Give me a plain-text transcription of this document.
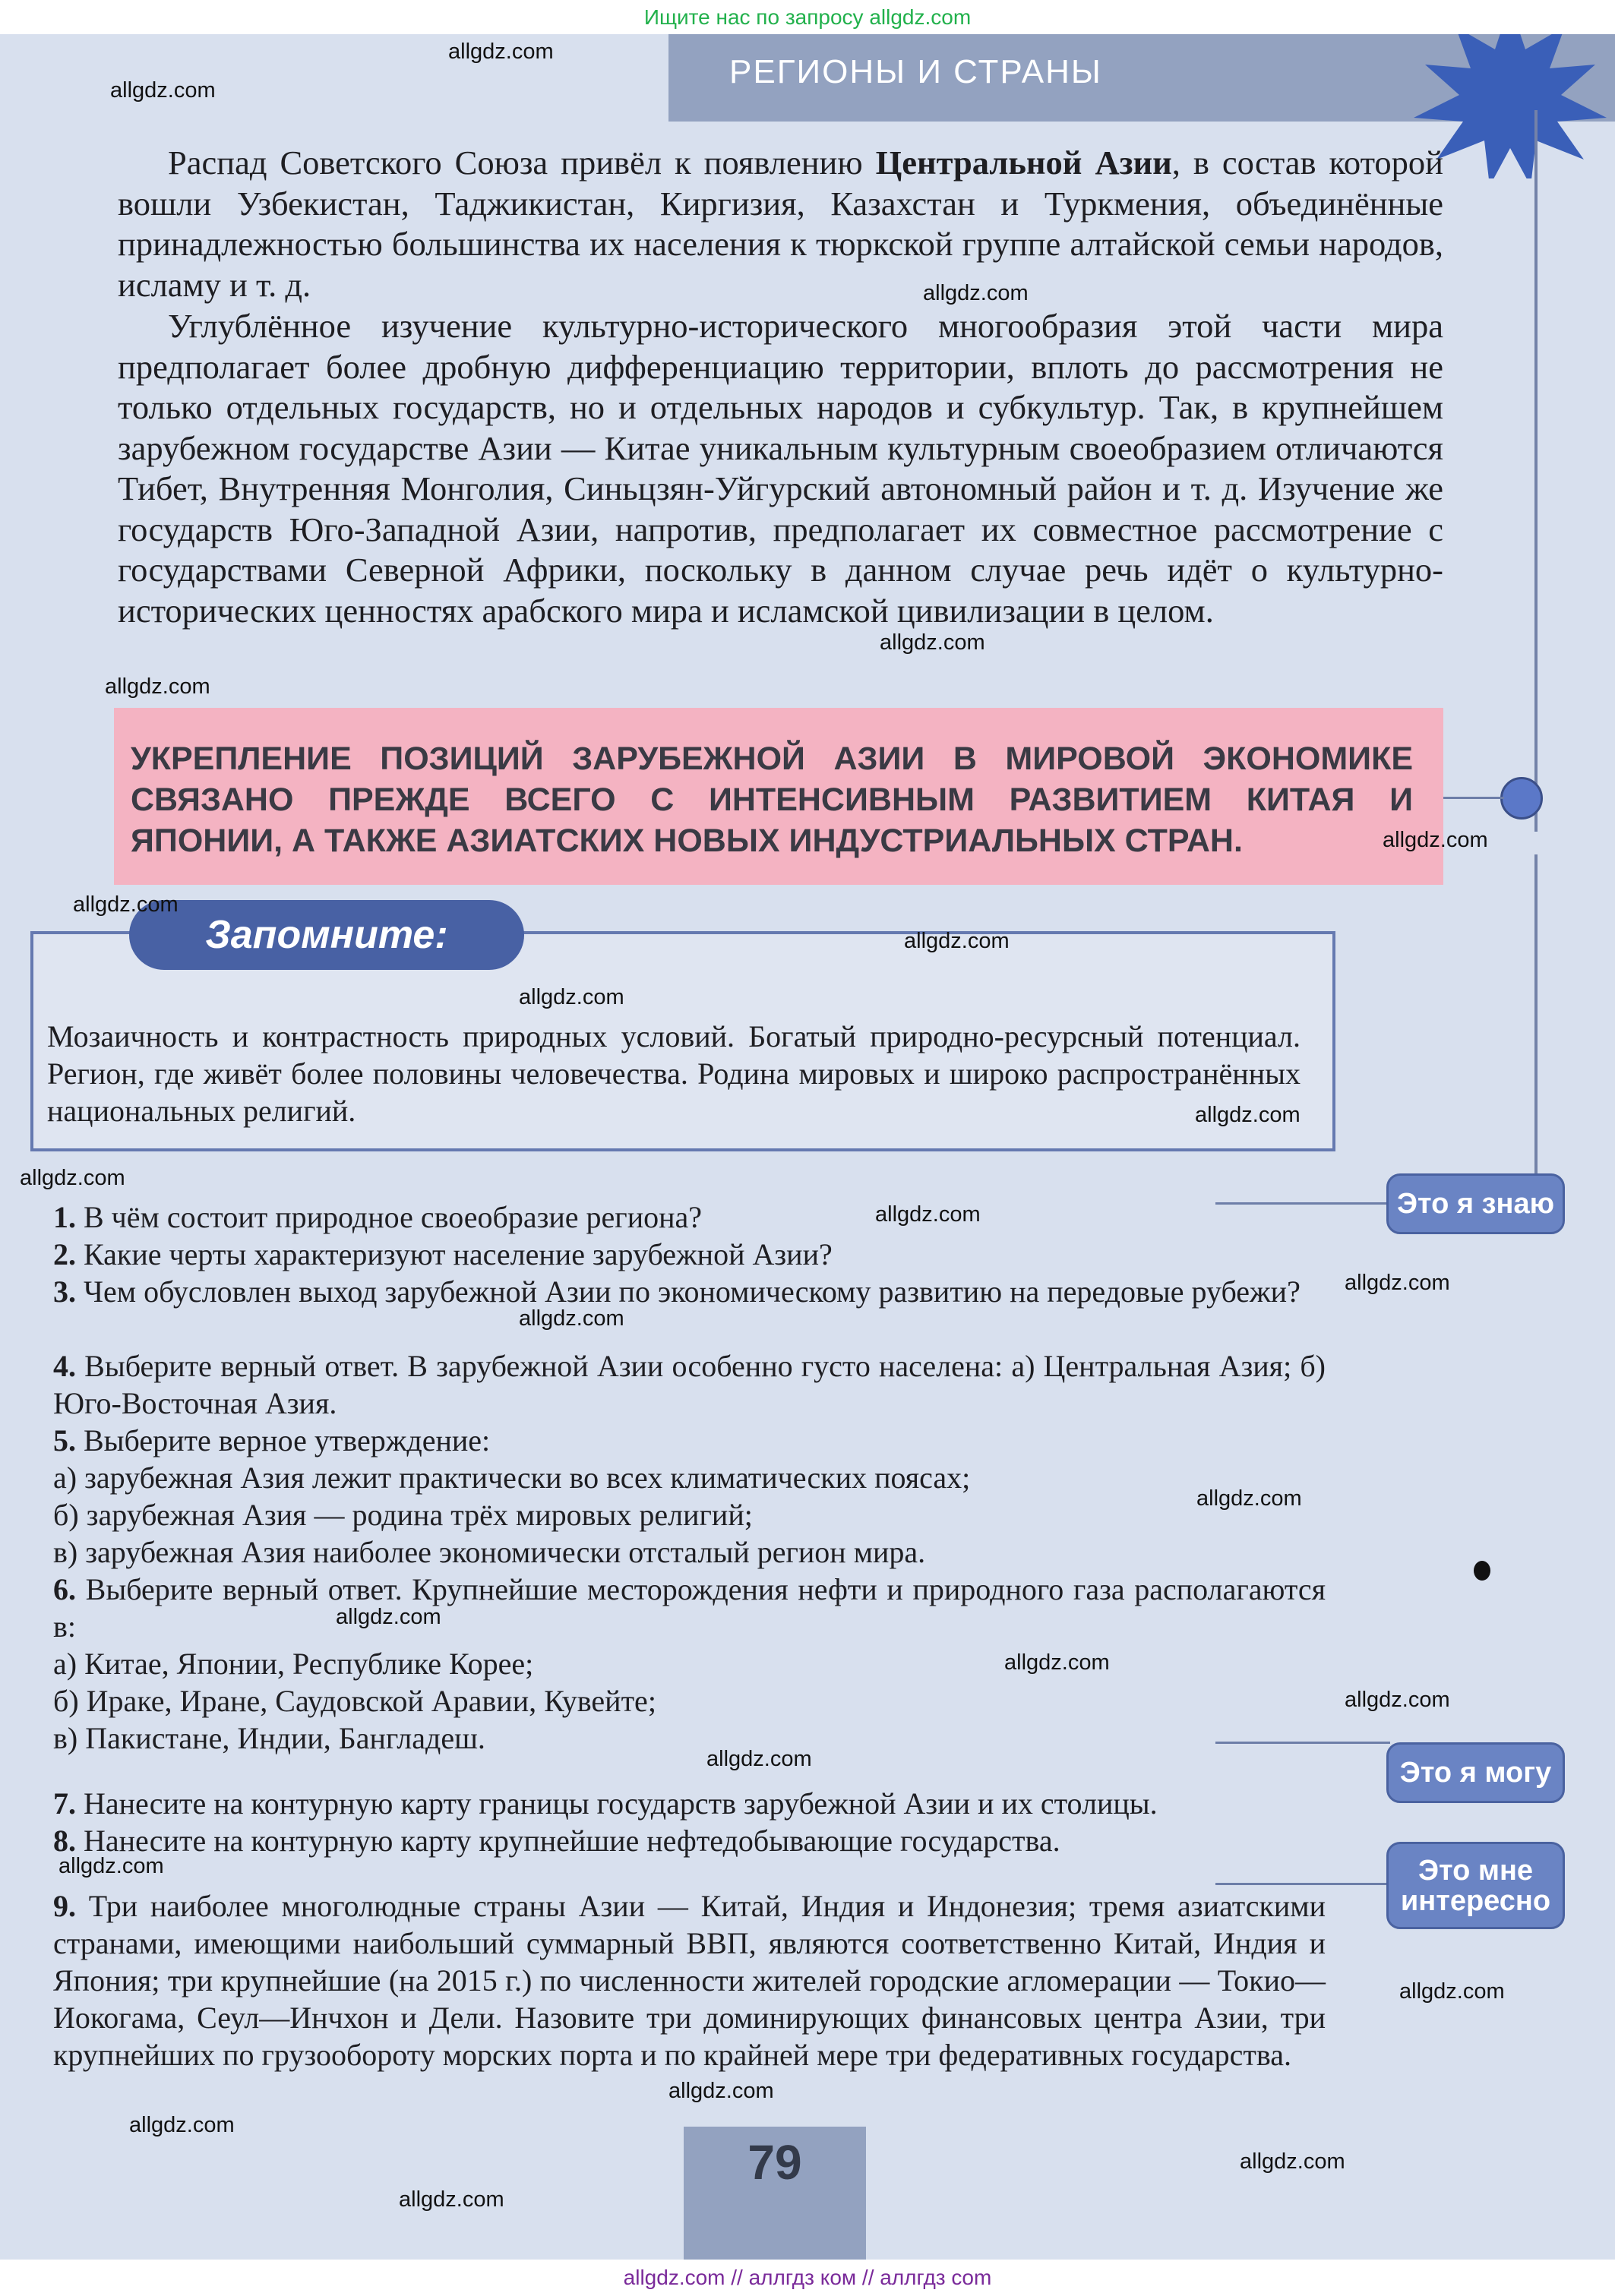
Ищите нас по запросу allgdz.com
РЕГИОНЫ И СТРАНЫ

Распад Советского Союза привёл к появлению Центральной Азии, в состав которой вошли Узбекистан, Таджикистан, Киргизия, Казахстан и Туркмения, объединённые принадлежностью большинства их населения к тюркской группе алтайской семьи народов, исламу и т. д.

Углублённое изучение культурно-исторического многообразия этой части мира предполагает более дробную дифференциацию территории, вплоть до рассмотрения не только отдельных государств, но и отдельных народов и субкультур. Так, в крупнейшем зарубежном государстве Азии — Китае уникальным культурным своеобразием отличаются Тибет, Внутренняя Монголия, Синьцзян-Уйгурский автономный район и т. д. Изучение же государств Юго-Западной Азии, напротив, предполагает их совместное рассмотрение с государствами Северной Африки, поскольку в данном случае речь идёт о культурно-исторических ценностях арабского мира и исламской цивилизации в целом.

УКРЕПЛЕНИЕ ПОЗИЦИЙ ЗАРУБЕЖНОЙ АЗИИ В МИРОВОЙ ЭКОНОМИКЕ
СВЯЗАНО ПРЕЖДЕ ВСЕГО С ИНТЕНСИВНЫМ РАЗВИТИЕМ КИТАЯ И
ЯПОНИИ, А ТАКЖЕ АЗИАТСКИХ НОВЫХ ИНДУСТРИАЛЬНЫХ СТРАН.
Запомните:

Мозаичность и контрастность природных условий. Богатый природно-ресурсный потенциал. Регион, где живёт более половины человечества. Родина мировых и широко распространённых национальных религий.

Это я знаю

1. В чём состоит природное своеобразие региона?

2. Какие черты характеризуют население зарубежной Азии?

3. Чем обусловлен выход зарубежной Азии по экономическому развитию на передовые рубежи?

4. Выберите верный ответ. В зарубежной Азии особенно густо населена: а) Центральная Азия; б) Юго-Восточная Азия.

5. Выберите верное утверждение:

а) зарубежная Азия лежит практически во всех климатических поясах;

б) зарубежная Азия — родина трёх мировых религий;

в) зарубежная Азия наиболее экономически отсталый регион мира.

6. Выберите верный ответ. Крупнейшие месторождения нефти и природного газа располагаются в:

а) Китае, Японии, Республике Корее;

б) Ираке, Иране, Саудовской Аравии, Кувейте;

в) Пакистане, Индии, Бангладеш.

Это я могу

7. Нанесите на контурную карту границы государств зарубежной Азии и их столицы.

8. Нанесите на контурную карту крупнейшие нефтедобывающие государства.

Это мне интересно

9. Три наиболее многолюдные страны Азии — Китай, Индия и Индонезия; тремя азиатскими странами, имеющими наибольший суммарный ВВП, являются соответственно Китай, Индия и Япония; три крупнейшие (на 2015 г.) по численности жителей городские агломерации — Токио—Иокогама, Сеул—Инчхон и Дели. Назовите три доминирующих финансовых центра Азии, три крупнейших по грузообороту морских порта и по крайней мере три федеративных государства.

79
allgdz.com // аллгдз ком // аллгдз com
allgdz.com
allgdz.com
allgdz.com
allgdz.com
allgdz.com
allgdz.com
allgdz.com
allgdz.com
allgdz.com
allgdz.com
allgdz.com
allgdz.com
allgdz.com
allgdz.com
allgdz.com
allgdz.com
allgdz.com
allgdz.com
allgdz.com
allgdz.com
allgdz.com
allgdz.com
allgdz.com
allgdz.com
allgdz.com
